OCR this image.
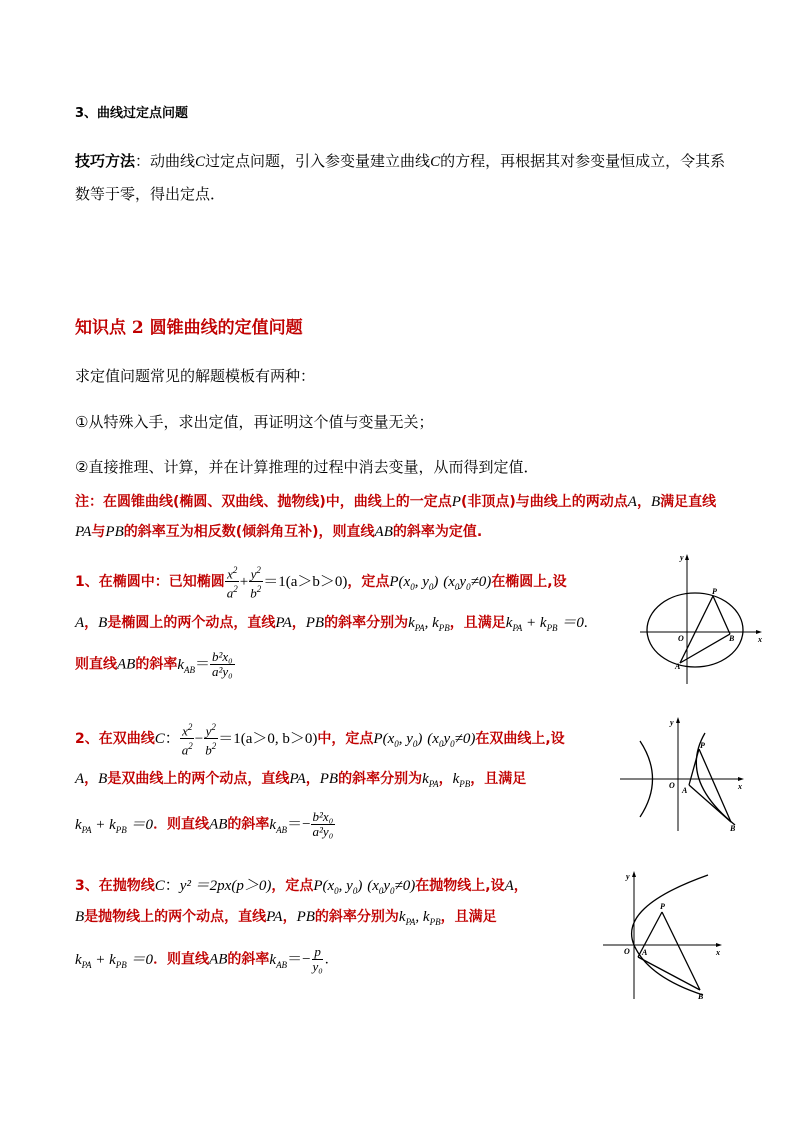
3、曲线过定点问题
技巧方法：动曲线C过定点问题，引入参变量建立曲线C的方程，再根据其对参变量恒成立，令其系数等于零，得出定点．
知识点 2 圆锥曲线的定值问题
求定值问题常见的解题模板有两种：
①从特殊入手，求出定值，再证明这个值与变量无关；
②直接推理、计算，并在计算推理的过程中消去变量，从而得到定值．
注：在圆锥曲线(椭圆、双曲线、抛物线)中，曲线上的一定点P(非顶点)与曲线上的两动点A，B满足直线
PA与PB的斜率互为相反数(倾斜角互补)，则直线AB的斜率为定值.
1、在椭圆中：已知椭圆 $\frac{x^2}{a^2} + \frac{y^2}{b^2} =1(a>b>0)$，定点$P(x_0$, $y_0$) $(x_0y_0\ne 0)$在椭圆上,设
A，B是椭圆上的两个动点，直线PA，PB的斜率分别为$k_{PA}$, $k_{PB}$，且满足$k_{PA} + k_{PB} =0$.
则直线AB的斜率$k_{AB}= \frac{\text{b²x₀}}{\text{a²y₀}}$
2、在双曲线C： $\frac{x^2}{a^2} - \frac{y^2}{b^2} =1(a>0$, b＞0)中，定点$P(x_0$, $y_0$) $(x_0y_0\ne 0)$在双曲线上,设
A，B是双曲线上的两个动点，直线PA，PB的斜率分别为$k_{PA}$，$k_{PB}$，且满足
$k_{PA} + k_{PB} =0$．则直线AB的斜率$k_{AB}=- \frac{\text{b²x₀}}{\text{a²y₀}}$
3、在抛物线C：y² ＝2px(p＞0)，定点$P(x_0$, $y_0$) $(x_0y_0\ne 0)$在抛物线上,设A，
B是抛物线上的两个动点，直线PA，PB的斜率分别为$k_{PA}$, $k_{PB}$，且满足
$k_{PA} + k_{PB} =0$．则直线AB的斜率$k_{AB}=- \frac{p}{\text{y₀}}$ .
x
y
O
P
A
B
x
y
O
P
A
B
x
y
O
P
A
B
